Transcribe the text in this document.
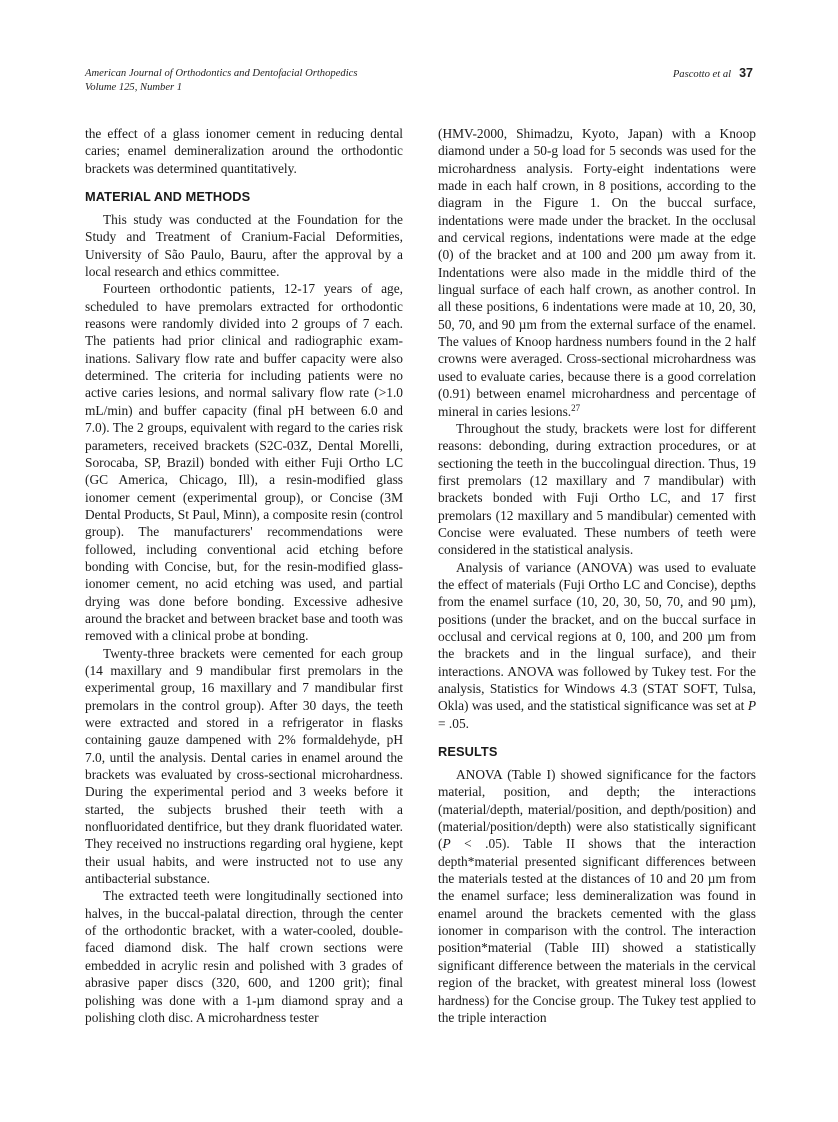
American Journal of Orthodontics and Dentofacial Orthopedics
Volume 125, Number 1
Pascotto et al 37

the effect of a glass ionomer cement in reducing dental caries; enamel demineralization around the orthodontic brackets was determined quantitatively.

MATERIAL AND METHODS

This study was conducted at the Foundation for the Study and Treatment of Cranium-Facial Deformities, University of São Paulo, Bauru, after the approval by a local research and ethics committee.

Fourteen orthodontic patients, 12-17 years of age, scheduled to have premolars extracted for orthodontic reasons were randomly divided into 2 groups of 7 each. The patients had prior clinical and radiographic examinations. Salivary flow rate and buffer capacity were also determined. The criteria for including patients were no active caries lesions, and normal salivary flow rate (>1.0 mL/min) and buffer capacity (final pH between 6.0 and 7.0). The 2 groups, equivalent with regard to the caries risk parameters, received brackets (S2C-03Z, Dental Morelli, Sorocaba, SP, Brazil) bonded with either Fuji Ortho LC (GC America, Chicago, Ill), a resin-modified glass ionomer cement (experimental group), or Concise (3M Dental Products, St Paul, Minn), a composite resin (control group). The manufacturers' recommendations were followed, including conventional acid etching before bonding with Concise, but, for the resin-modified glass-ionomer cement, no acid etching was used, and partial drying was done before bonding. Excessive adhesive around the bracket and between bracket base and tooth was removed with a clinical probe at bonding.

Twenty-three brackets were cemented for each group (14 maxillary and 9 mandibular first premolars in the experimental group, 16 maxillary and 7 mandibular first premolars in the control group). After 30 days, the teeth were extracted and stored in a refrigerator in flasks containing gauze dampened with 2% formaldehyde, pH 7.0, until the analysis. Dental caries in enamel around the brackets was evaluated by cross-sectional microhardness. During the experimental period and 3 weeks before it started, the subjects brushed their teeth with a nonfluoridated dentifrice, but they drank fluoridated water. They received no instructions regarding oral hygiene, kept their usual habits, and were instructed not to use any antibacterial substance.

The extracted teeth were longitudinally sectioned into halves, in the buccal-palatal direction, through the center of the orthodontic bracket, with a water-cooled, double-faced diamond disk. The half crown sections were embedded in acrylic resin and polished with 3 grades of abrasive paper discs (320, 600, and 1200 grit); final polishing was done with a 1-µm diamond spray and a polishing cloth disc. A microhardness tester

(HMV-2000, Shimadzu, Kyoto, Japan) with a Knoop diamond under a 50-g load for 5 seconds was used for the microhardness analysis. Forty-eight indentations were made in each half crown, in 8 positions, according to the diagram in the Figure 1. On the buccal surface, indentations were made under the bracket. In the occlusal and cervical regions, indentations were made at the edge (0) of the bracket and at 100 and 200 µm away from it. Indentations were also made in the middle third of the lingual surface of each half crown, as another control. In all these positions, 6 indentations were made at 10, 20, 30, 50, 70, and 90 µm from the external surface of the enamel. The values of Knoop hardness numbers found in the 2 half crowns were averaged. Cross-sectional microhardness was used to evaluate caries, because there is a good correlation (0.91) between enamel microhardness and percentage of mineral in caries lesions.$^{27}$

Throughout the study, brackets were lost for different reasons: debonding, during extraction procedures, or at sectioning the teeth in the buccolingual direction. Thus, 19 first premolars (12 maxillary and 7 mandibular) with brackets bonded with Fuji Ortho LC, and 17 first premolars (12 maxillary and 5 mandibular) cemented with Concise were evaluated. These numbers of teeth were considered in the statistical analysis.

Analysis of variance (ANOVA) was used to evaluate the effect of materials (Fuji Ortho LC and Concise), depths from the enamel surface (10, 20, 30, 50, 70, and 90 µm), positions (under the bracket, and on the buccal surface in occlusal and cervical regions at 0, 100, and 200 µm from the brackets and in the lingual surface), and their interactions. ANOVA was followed by Tukey test. For the analysis, Statistics for Windows 4.3 (STAT SOFT, Tulsa, Okla) was used, and the statistical significance was set at P = .05.

RESULTS

ANOVA (Table I) showed significance for the factors material, position, and depth; the interactions (material/depth, material/position, and depth/position) and (material/position/depth) were also statistically significant (P < .05). Table II shows that the interaction depth*material presented significant differences between the materials tested at the distances of 10 and 20 µm from the enamel surface; less demineralization was found in enamel around the brackets cemented with the glass ionomer in comparison with the control. The interaction position*material (Table III) showed a statistically significant difference between the materials in the cervical region of the bracket, with greatest mineral loss (lowest hardness) for the Concise group. The Tukey test applied to the triple interaction
